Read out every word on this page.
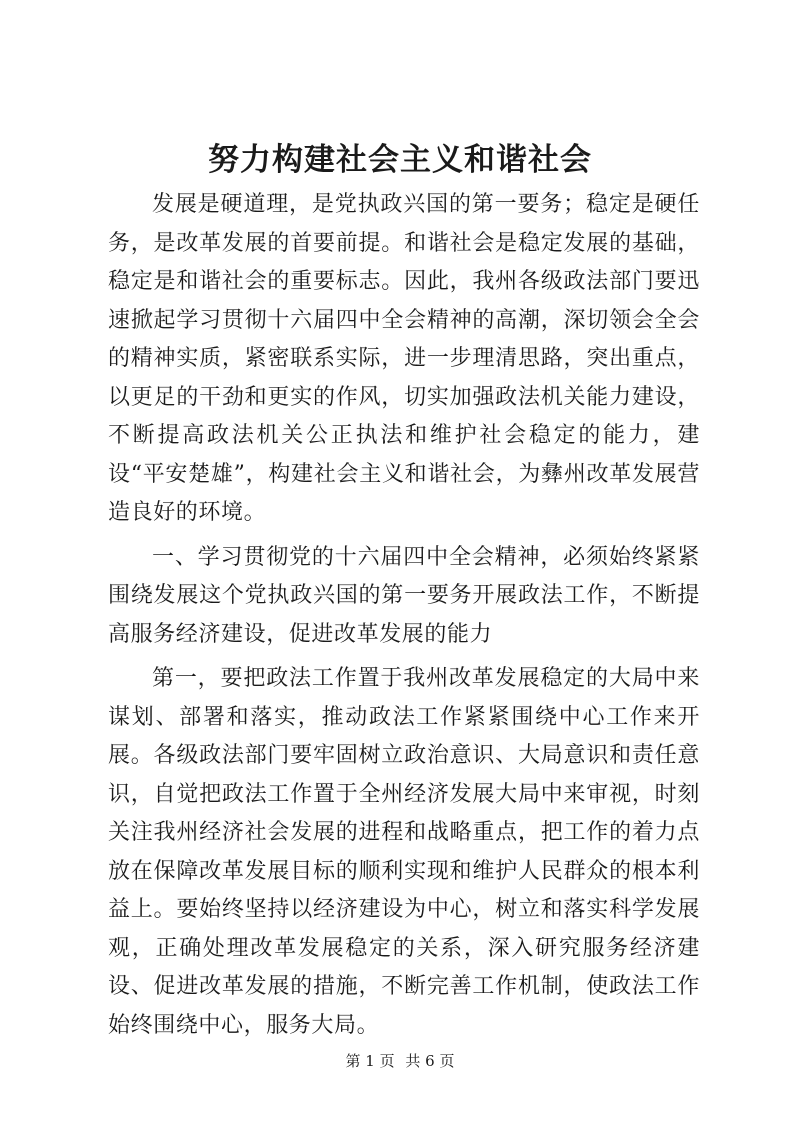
努力构建社会主义和谐社会

发展是硬道理，是党执政兴国的第一要务；稳定是硬任务，是改革发展的首要前提。和谐社会是稳定发展的基础，稳定是和谐社会的重要标志。因此，我州各级政法部门要迅速掀起学习贯彻十六届四中全会精神的高潮，深切领会全会的精神实质，紧密联系实际，进一步理清思路，突出重点，以更足的干劲和更实的作风，切实加强政法机关能力建设，不断提高政法机关公正执法和维护社会稳定的能力，建设“平安楚雄”，构建社会主义和谐社会，为彝州改革发展营造良好的环境。

一、学习贯彻党的十六届四中全会精神，必须始终紧紧围绕发展这个党执政兴国的第一要务开展政法工作，不断提高服务经济建设，促进改革发展的能力

第一，要把政法工作置于我州改革发展稳定的大局中来谋划、部署和落实，推动政法工作紧紧围绕中心工作来开展。各级政法部门要牢固树立政治意识、大局意识和责任意识，自觉把政法工作置于全州经济发展大局中来审视，时刻关注我州经济社会发展的进程和战略重点，把工作的着力点放在保障改革发展目标的顺利实现和维护人民群众的根本利益上。要始终坚持以经济建设为中心，树立和落实科学发展观，正确处理改革发展稳定的关系，深入研究服务经济建设、促进改革发展的措施，不断完善工作机制，使政法工作始终围绕中心，服务大局。

第 1 页 共 6 页
